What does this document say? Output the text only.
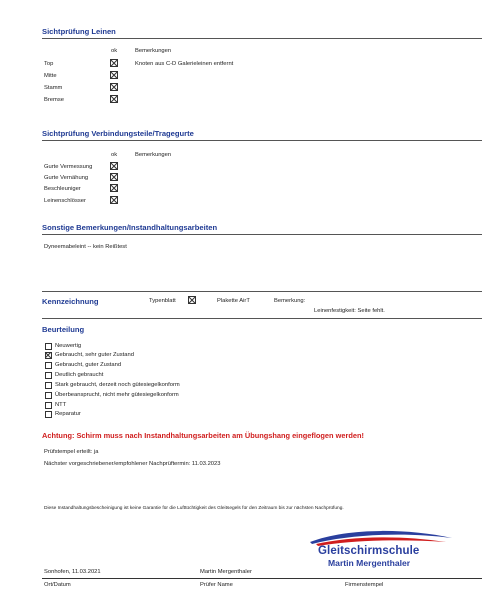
Sichtprüfung Leinen
ok	Bemerkungen
Top	Knoten aus C-D Galerieleinen entfernt
Mitte
Stamm
Bremse
Sichtprüfung Verbindungsteile/Tragegurte
ok	Bemerkungen
Gurte Vermessung
Gurte Vernähung
Beschleuniger
Leinenschlösser
Sonstige Bemerkungen/Instandhaltungsarbeiten
Dyneemabeleint -- kein Reißtest
Kennzeichnung	Typenblatt	Plakette AirT	Bemerkung:
Leinenfestigkeit: Seite fehlt.
Beurteilung
Neuwertig
Gebraucht, sehr guter Zustand
Gebraucht, guter Zustand
Deutlich gebraucht
Stark gebraucht, derzeit noch gütesiegelkonform
Überbeansprucht, nicht mehr gütesiegelkonform
NTT
Reparatur
Achtung: Schirm muss nach Instandhaltungsarbeiten am Übungshang eingeflogen werden!
Prüfstempel erteilt: ja
Nächster vorgeschriebener/empfohlener Nachprüftermin: 11.03.2023
Diese Instandhaltungsbescheinigung ist keine Garantie für die Lufttüchtigkeit des Gleitsegels für den Zeitraum bis zur nächsten Nachprüfung.
Gleitschirmschule
Martin Mergenthaler
Sonhofen, 11.03.2021	Martin Mergenthaler
Ort/Datum	Prüfer Name	Firmenstempel
